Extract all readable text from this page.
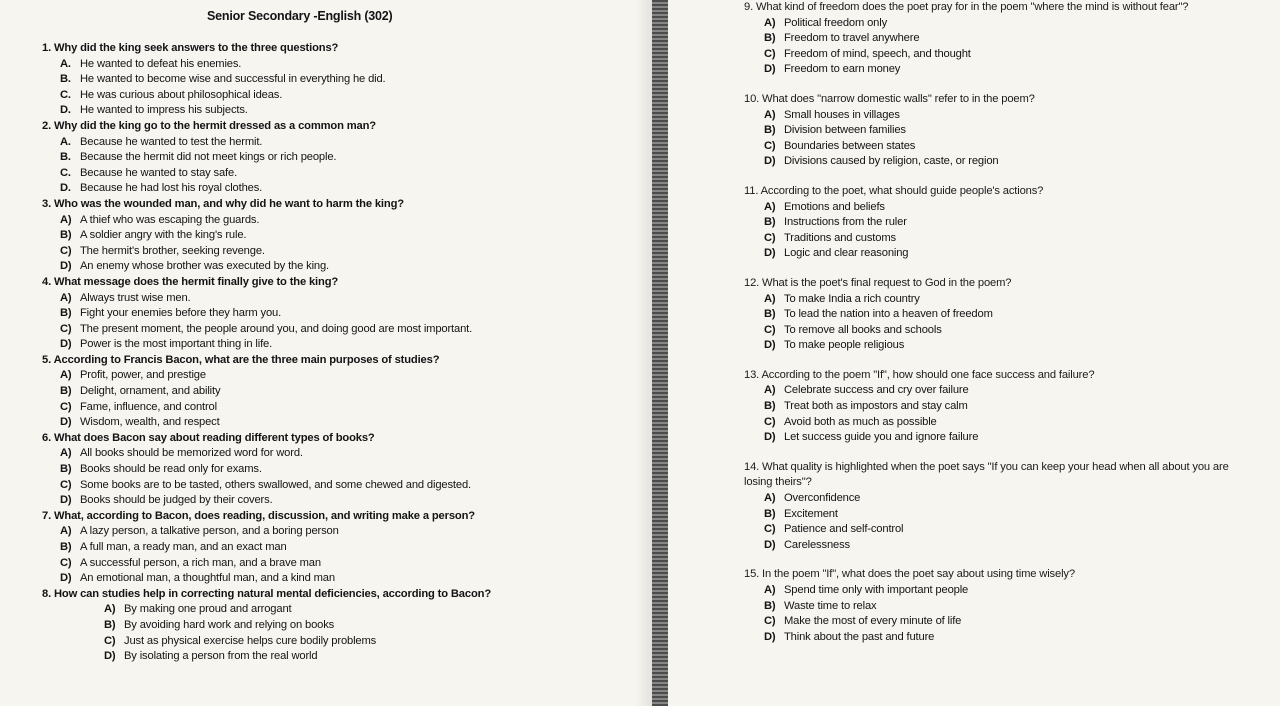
Senior Secondary -English (302)
1. Why did the king seek answers to the three questions?
A. He wanted to defeat his enemies.
B. He wanted to become wise and successful in everything he did.
C. He was curious about philosophical ideas.
D. He wanted to impress his subjects.
2. Why did the king go to the hermit dressed as a common man?
A. Because he wanted to test the hermit.
B. Because the hermit did not meet kings or rich people.
C. Because he wanted to stay safe.
D. Because he had lost his royal clothes.
3. Who was the wounded man, and why did he want to harm the king?
A) A thief who was escaping the guards.
B) A soldier angry with the king's rule.
C) The hermit's brother, seeking revenge.
D) An enemy whose brother was executed by the king.
4. What message does the hermit finally give to the king?
A) Always trust wise men.
B) Fight your enemies before they harm you.
C) The present moment, the people around you, and doing good are most important.
D) Power is the most important thing in life.
5. According to Francis Bacon, what are the three main purposes of studies?
A) Profit, power, and prestige
B) Delight, ornament, and ability
C) Fame, influence, and control
D) Wisdom, wealth, and respect
6. What does Bacon say about reading different types of books?
A) All books should be memorized word for word.
B) Books should be read only for exams.
C) Some books are to be tasted, others swallowed, and some chewed and digested.
D) Books should be judged by their covers.
7. What, according to Bacon, does reading, discussion, and writing make a person?
A) A lazy person, a talkative person, and a boring person
B) A full man, a ready man, and an exact man
C) A successful person, a rich man, and a brave man
D) An emotional man, a thoughtful man, and a kind man
8. How can studies help in correcting natural mental deficiencies, according to Bacon?
A) By making one proud and arrogant
B) By avoiding hard work and relying on books
C) Just as physical exercise helps cure bodily problems
D) By isolating a person from the real world
9. What kind of freedom does the poet pray for in the poem "where the mind is without fear"?
A) Political freedom only
B) Freedom to travel anywhere
C) Freedom of mind, speech, and thought
D) Freedom to earn money
10. What does "narrow domestic walls" refer to in the poem?
A) Small houses in villages
B) Division between families
C) Boundaries between states
D) Divisions caused by religion, caste, or region
11. According to the poet, what should guide people's actions?
A) Emotions and beliefs
B) Instructions from the ruler
C) Traditions and customs
D) Logic and clear reasoning
12. What is the poet's final request to God in the poem?
A) To make India a rich country
B) To lead the nation into a heaven of freedom
C) To remove all books and schools
D) To make people religious
13. According to the poem "If", how should one face success and failure?
A) Celebrate success and cry over failure
B) Treat both as impostors and stay calm
C) Avoid both as much as possible
D) Let success guide you and ignore failure
14. What quality is highlighted when the poet says "If you can keep your head when all about you are
losing theirs"?
A) Overconfidence
B) Excitement
C) Patience and self-control
D) Carelessness
15. In the poem "If", what does the poet say about using time wisely?
A) Spend time only with important people
B) Waste time to relax
C) Make the most of every minute of life
D) Think about the past and future
